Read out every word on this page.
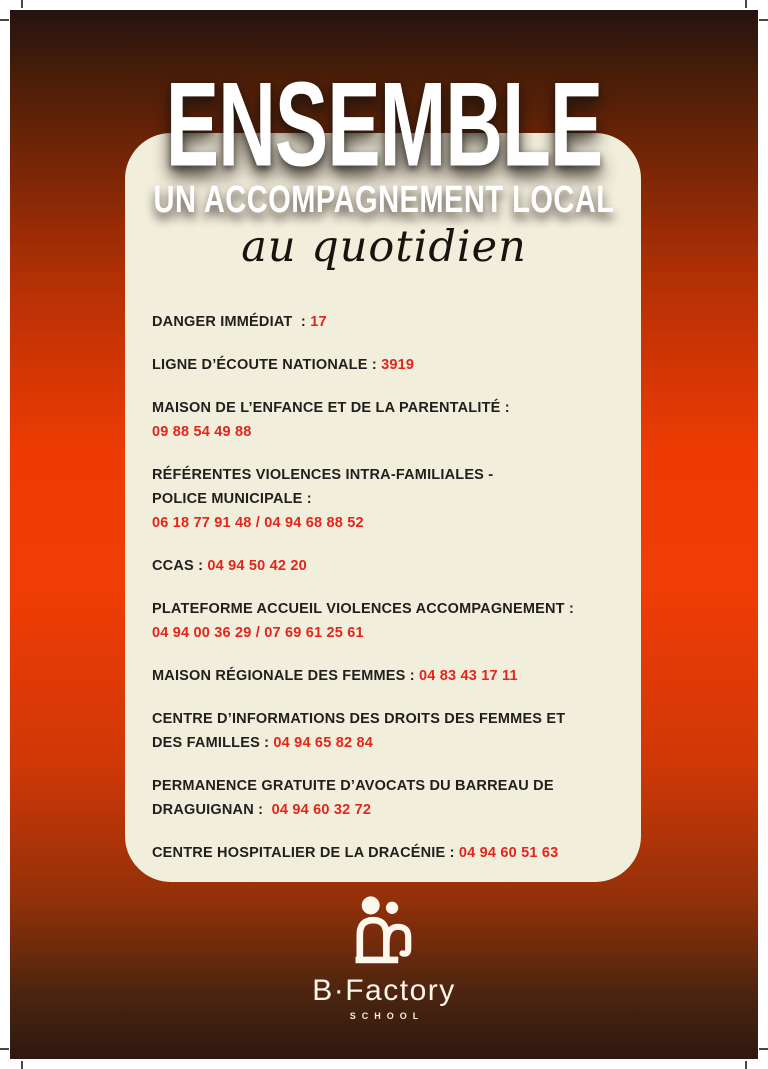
DANGER IMMÉDIAT  : 17

LIGNE D’ÉCOUTE NATIONALE : 3919

MAISON DE L’ENFANCE ET DE LA PARENTALITÉ :
09 88 54 49 88

RÉFÉRENTES VIOLENCES INTRA-FAMILIALES -
POLICE MUNICIPALE :
06 18 77 91 48 / 04 94 68 88 52

CCAS : 04 94 50 42 20

PLATEFORME ACCUEIL VIOLENCES ACCOMPAGNEMENT :
04 94 00 36 29 / 07 69 61 25 61

MAISON RÉGIONALE DES FEMMES : 04 83 43 17 11

CENTRE D’INFORMATIONS DES DROITS DES FEMMES ET
DES FAMILLES : 04 94 65 82 84

PERMANENCE GRATUITE D’AVOCATS DU BARREAU DE
DRAGUIGNAN :  04 94 60 32 72

CENTRE HOSPITALIER DE LA DRACÉNIE : 04 94 60 51 63

ENSEMBLE
UN ACCOMPAGNEMENT LOCAL
au quotidien
B·Factory
SCHOOL
